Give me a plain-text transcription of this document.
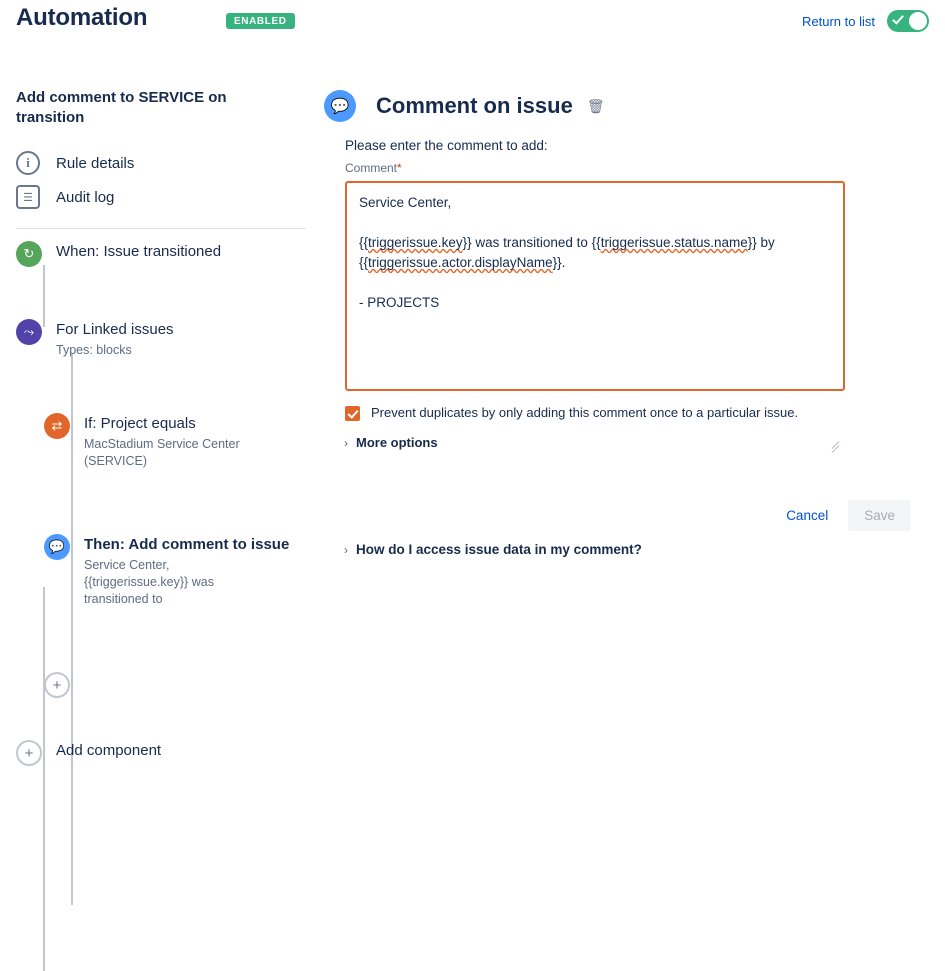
Automation	ENABLED	Return to list
Add comment to SERVICE on transition
i	Rule details
☰	Audit log
↻	When: Issue transitioned
⤳	For Linked issues
Types: blocks
⇄	If: Project equals
MacStadium Service Center (SERVICE)
💬	Then: Add comment to issue
Service Center, {{triggerissue.key}} was transitioned to
+
+	Add component
💬	Comment on issue 🗑

Please enter the comment to add:

Comment*

Service Center,

{{triggerissue.key}} was transitioned to {{triggerissue.status.name}} by {{triggerissue.actor.displayName}}.

- PROJECTS

Prevent duplicates by only adding this comment once to a particular issue.
› More options
Cancel	Save
› How do I access issue data in my comment?
